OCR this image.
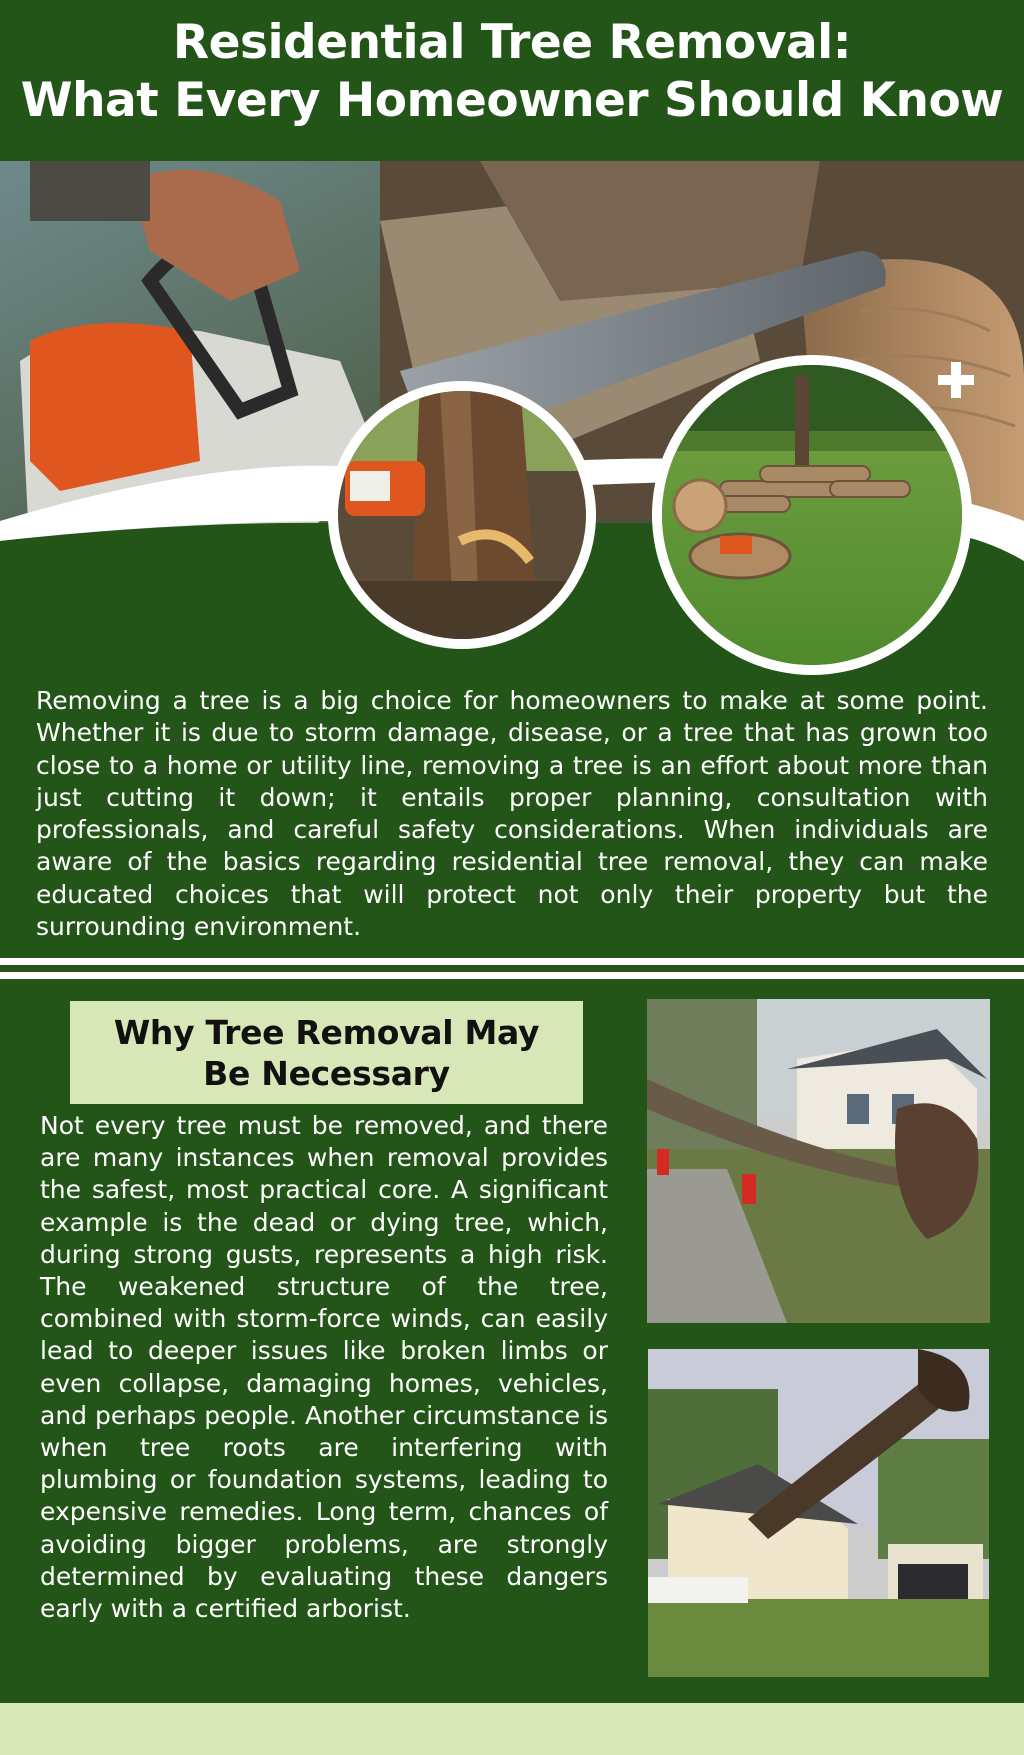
Residential Tree Removal:
What Every Homeowner Should Know
Removing a tree is a big choice for homeowners to make at some point. Whether it is due to storm damage, disease, or a tree that has grown too close to a home or utility line, removing a tree is an effort about more than just cutting it down; it entails proper planning, consultation with professionals, and careful safety considerations. When individuals are aware of the basics regarding residential tree removal, they can make educated choices that will protect not only their property but the surrounding environment.
Why Tree Removal May
Be Necessary
Not every tree must be removed, and there are many instances when removal provides the safest, most practical core. A significant example is the dead or dying tree, which, during strong gusts, represents a high risk. The weakened structure of the tree, combined with storm-force winds, can easily lead to deeper issues like broken limbs or even collapse, damaging homes, vehicles, and perhaps people. Another circumstance is when tree roots are interfering with plumbing or foundation systems, leading to expensive remedies. Long term, chances of avoiding bigger problems, are strongly determined by evaluating these dangers early with a certified arborist.
